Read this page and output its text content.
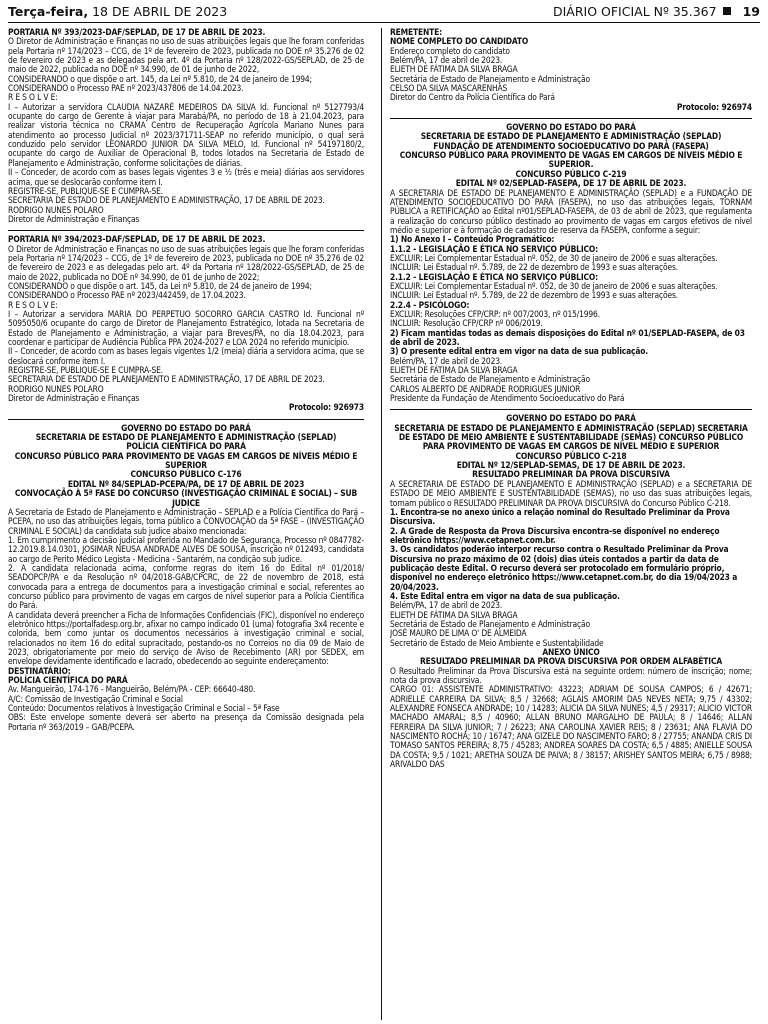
Terça-feira, 18 DE ABRIL DE 2023	DIÁRIO OFICIAL Nº 35.367 19

PORTARIA Nº 393/2023-DAF/SEPLAD, DE 17 DE ABRIL DE 2023.

O Diretor de Administração e Finanças no uso de suas atribuições legais que lhe foram conferidas pela Portaria nº 174/2023 – CCG, de 1º de fevereiro de 2023, publicada no DOE nº 35.276 de 02 de fevereiro de 2023 e as delegadas pela art. 4º da Portaria nº 128/2022-GS/SEPLAD, de 25 de maio de 2022, publicada no DOE nº 34.990, de 01 de junho de 2022,

CONSIDERANDO o que dispõe o art. 145, da Lei nº 5.810, de 24 de janeiro de 1994;

CONSIDERANDO o Processo PAE nº 2023/437806 de 14.04.2023.

R E S O L V E:

I – Autorizar a servidora CLAUDIA NAZARÉ MEDEIROS DA SILVA Id. Funcional nº 5127793/4 ocupante do cargo de Gerente à viajar para Marabá/PA, no período de 18 à 21.04.2023, para realizar vistoria técnica no CRAMA Centro de Recuperação Agrícola Mariano Nunes para atendimento ao processo Judicial nº 2023/371711-SEAP no referido município, o qual será conduzido pelo servidor LEONARDO JUNIOR DA SILVA MELO, Id. Funcional nº 54197180/2, ocupante do cargo de Auxiliar de Operacional B, todos lotados na Secretaria de Estado de Planejamento e Administração, conforme solicitações de diárias.

II – Conceder, de acordo com as bases legais vigentes 3 e ½ (três e meia) diárias aos servidores acima, que se deslocarão conforme item I.

REGISTRE-SE, PUBLIQUE-SE E CUMPRA-SE.

SECRETARIA DE ESTADO DE PLANEJAMENTO E ADMINISTRAÇÃO, 17 DE ABRIL DE 2023.

RODRIGO NUNES POLARO

Diretor de Administração e Finanças

PORTARIA Nº 394/2023-DAF/SEPLAD, DE 17 DE ABRIL DE 2023.

O Diretor de Administração e Finanças no uso de suas atribuições legais que lhe foram conferidas pela Portaria nº 174/2023 – CCG, de 1º de fevereiro de 2023, publicada no DOE nº 35.276 de 02 de fevereiro de 2023 e as delegadas pelo art. 4º da Portaria nº 128/2022-GS/SEPLAD, de 25 de maio de 2022, publicada no DOE nº 34.990, de 01 de junho de 2022;

CONSIDERANDO o que dispõe o art. 145, da Lei nº 5.810, de 24 de janeiro de 1994;

CONSIDERANDO o Processo PAE nº 2023/442459, de 17.04.2023.

R E S O L V E:

I – Autorizar a servidora MARIA DO PERPETUO SOCORRO GARCIA CASTRO Id. Funcional nº 5095050/6 ocupante do cargo de Diretor de Planejamento Estratégico, lotada na Secretaria de Estado de Planejamento e Administração, a viajar para Breves/PA, no dia 18.04.2023, para coordenar e participar de Audiência Pública PPA 2024-2027 e LOA 2024 no referido município.

II – Conceder, de acordo com as bases legais vigentes 1/2 (meia) diária a servidora acima, que se deslocará conforme item I.

REGISTRE-SE, PUBLIQUE-SE E CUMPRA-SE.

SECRETARIA DE ESTADO DE PLANEJAMENTO E ADMINISTRAÇÃO, 17 DE ABRIL DE 2023.

RODRIGO NUNES POLARO

Diretor de Administração e Finanças

Protocolo: 926973

GOVERNO DO ESTADO DO PARÁ

SECRETARIA DE ESTADO DE PLANEJAMENTO E ADMINISTRAÇÃO (SEPLAD)

POLÍCIA CIENTÍFICA DO PARÁ

CONCURSO PÚBLICO PARA PROVIMENTO DE VAGAS EM CARGOS DE NÍVEIS MÉDIO E SUPERIOR

CONCURSO PÚBLICO C-176

EDITAL Nº 84/SEPLAD-PCEPA/PA, DE 17 DE ABRIL DE 2023

CONVOCAÇÃO À 5ª FASE DO CONCURSO (INVESTIGAÇÃO CRIMINAL E SOCIAL) – SUB JUDICE

A Secretaria de Estado de Planejamento e Administração – SEPLAD e a Polícia Científica do Pará – PCEPA, no uso das atribuições legais, torna público a CONVOCAÇÃO da 5ª FASE – (INVESTIGAÇÃO CRIMINAL E SOCIAL) da candidata sub judice abaixo mencionada:

1. Em cumprimento a decisão judicial proferida no Mandado de Segurança, Processo nº 0847782-12.2019.8.14.0301, JOSIMAR NEUSA ANDRADE ALVES DE SOUSA, inscrição nº 012493, candidata ao cargo de Perito Médico Legista - Medicina - Santarém, na condição sub judice.

2. A candidata relacionada acima, conforme regras do item 16 do Edital nº 01/2018/ SEADOPCP/PA e da Resolução nº 04/2018-GAB/CPCRC, de 22 de novembro de 2018, está convocada para a entrega de documentos para a investigação criminal e social, referentes ao concurso público para provimento de vagas em cargos de nível superior para a Polícia Científica do Pará.

A candidata deverá preencher a Ficha de Informações Confidenciais (FIC), disponível no endereço eletrônico https://portalfadesp.org.br, afixar no campo indicado 01 (uma) fotografia 3x4 recente e colorida, bem como juntar os documentos necessários à investigação criminal e social, relacionados no item 16 do edital supracitado, postando-os no Correios no dia 09 de Maio de 2023, obrigatoriamente por meio do serviço de Aviso de Recebimento (AR) por SEDEX, em envelope devidamente identificado e lacrado, obedecendo ao seguinte endereçamento:

DESTINATÁRIO:

POLÍCIA CIENTÍFICA DO PARÁ

Av. Mangueirão, 174-176 - Mangueirão, Belém/PA - CEP: 66640-480.

A/C: Comissão de Investigação Criminal e Social

Conteúdo: Documentos relativos à Investigação Criminal e Social – 5ª Fase

OBS: Este envelope somente deverá ser aberto na presença da Comissão designada pela Portaria nº 363/2019 – GAB/PCEPA.

REMETENTE:

NOME COMPLETO DO CANDIDATO

Endereço completo do candidato

Belém/PA, 17 de abril de 2023.

ELIETH DE FÁTIMA DA SILVA BRAGA

Secretária de Estado de Planejamento e Administração

CELSO DA SILVA MASCARENHAS

Diretor do Centro da Polícia Científica do Pará

Protocolo: 926974

GOVERNO DO ESTADO DO PARÁ

SECRETARIA DE ESTADO DE PLANEJAMENTO E ADMINISTRAÇÃO (SEPLAD)

FUNDAÇÃO DE ATENDIMENTO SOCIOEDUCATIVO DO PARÁ (FASEPA)

CONCURSO PÚBLICO PARA PROVIMENTO DE VAGAS EM CARGOS DE NÍVEIS MÉDIO E SUPERIOR.

CONCURSO PÚBLICO C-219

EDITAL Nº 02/SEPLAD-FASEPA, DE 17 DE ABRIL DE 2023.

A SECRETARIA DE ESTADO DE PLANEJAMENTO E ADMINISTRAÇÃO (SEPLAD) e a FUNDAÇÃO DE ATENDIMENTO SOCIOEDUCATIVO DO PARÁ (FASEPA), no uso das atribuições legais, TORNAM PÚBLICA a RETIFICAÇÃO ao Edital nº01/SEPLAD-FASEPA, de 03 de abril de 2023, que regulamenta a realização do concurso público destinado ao provimento de vagas em cargos efetivos de nível médio e superior e à formação de cadastro de reserva da FASEPA, conforme a seguir:

1) No Anexo I – Conteúdo Programático:

1.1.2 - LEGISLAÇÃO E ÉTICA NO SERVIÇO PÚBLICO:

EXCLUIR: Lei Complementar Estadual nº. 052, de 30 de janeiro de 2006 e suas alterações.

INCLUIR: Lei Estadual nº. 5.789, de 22 de dezembro de 1993 e suas alterações.

2.1.2 - LEGISLAÇÃO E ÉTICA NO SERVIÇO PÚBLICO:

EXCLUIR: Lei Complementar Estadual nº. 052, de 30 de janeiro de 2006 e suas alterações.

INCLUIR: Lei Estadual nº. 5.789, de 22 de dezembro de 1993 e suas alterações.

2.2.4 - PSICÓLOGO:

EXCLUIR: Resoluções CFP/CRP: nº 007/2003, nº 015/1996.

INCLUIR: Resolução CFP/CRP nº 006/2019.

2) Ficam mantidas todas as demais disposições do Edital nº 01/SEPLAD-FASEPA, de 03 de abril de 2023.

3) O presente edital entra em vigor na data de sua publicação.

Belém/PA, 17 de abril de 2023.

ELIETH DE FÁTIMA DA SILVA BRAGA

Secretária de Estado de Planejamento e Administração

CARLOS ALBERTO DE ANDRADE RODRIGUES JUNIOR

Presidente da Fundação de Atendimento Socioeducativo do Pará

GOVERNO DO ESTADO DO PARÁ

SECRETARIA DE ESTADO DE PLANEJAMENTO E ADMINISTRAÇÃO (SEPLAD) SECRETARIA DE ESTADO DE MEIO AMBIENTE E SUSTENTABILIDADE (SEMAS) CONCURSO PÚBLICO PARA PROVIMENTO DE VAGAS EM CARGOS DE NÍVEL MÉDIO E SUPERIOR

CONCURSO PÚBLICO C-218

EDITAL Nº 12/SEPLAD-SEMAS, DE 17 DE ABRIL DE 2023.

RESULTADO PRELIMINAR DA PROVA DISCURSIVA

A SECRETARIA DE ESTADO DE PLANEJAMENTO E ADMINISTRAÇÃO (SEPLAD) e a SECRETARIA DE ESTADO DE MEIO AMBIENTE E SUSTENTABILIDADE (SEMAS), no uso das suas atribuições legais, tornam público o RESULTADO PRELIMINAR DA PROVA DISCURSIVA do Concurso Público C-218.

1. Encontra-se no anexo único a relação nominal do Resultado Preliminar da Prova Discursiva.

2. A Grade de Resposta da Prova Discursiva encontra-se disponível no endereço eletrônico https://www.cetapnet.com.br.

3. Os candidatos poderão interpor recurso contra o Resultado Preliminar da Prova Discursiva no prazo máximo de 02 (dois) dias úteis contados a partir da data de publicação deste Edital. O recurso deverá ser protocolado em formulário próprio, disponível no endereço eletrônico https://www.cetapnet.com.br, do dia 19/04/2023 a 20/04/2023.

4. Este Edital entra em vigor na data de sua publicação.

Belém/PA, 17 de abril de 2023.

ELIETH DE FÁTIMA DA SILVA BRAGA

Secretária de Estado de Planejamento e Administração

JOSÉ MAURO DE LIMA O' DE ALMEIDA

Secretário de Estado de Meio Ambiente e Sustentabilidade

ANEXO ÚNICO

RESULTADO PRELIMINAR DA PROVA DISCURSIVA POR ORDEM ALFABÉTICA

O Resultado Preliminar da Prova Discursiva está na seguinte ordem: número de inscrição; nome; nota da prova discursiva.

CARGO 01: ASSISTENTE ADMINISTRATIVO: 43223; ADRIAM DE SOUSA CAMPOS; 6 / 42671; ADRIELLE CARREIRA DA SILVA; 8,5 / 32668; AGLAÍS AMORIM DAS NEVES NETA; 9,75 / 43302; ALEXANDRE FONSECA ANDRADE; 10 / 14283; ALICIA DA SILVA NUNES; 4,5 / 29317; ALICIO VICTOR MACHADO AMARAL; 8,5 / 40960; ALLAN BRUNO MARGALHO DE PAULA; 8 / 14646; ALLAN FERREIRA DA SILVA JUNIOR; 7 / 26223; ANA CAROLINA XAVIER REIS; 8 / 23631; ANA FLAVIA DO NASCIMENTO ROCHA; 10 / 16747; ANA GIZELE DO NASCIMENTO FARO; 8 / 27755; ANANDA CRIS DI TOMASO SANTOS PEREIRA; 8,75 / 45283; ANDREA SOARES DA COSTA; 6,5 / 4885; ANIELLE SOUSA DA COSTA; 9,5 / 1021; ARETHA SOUZA DE PAIVA; 8 / 38157; ARISHEY SANTOS MEIRA; 6,75 / 8988; ARIVALDO DAS
